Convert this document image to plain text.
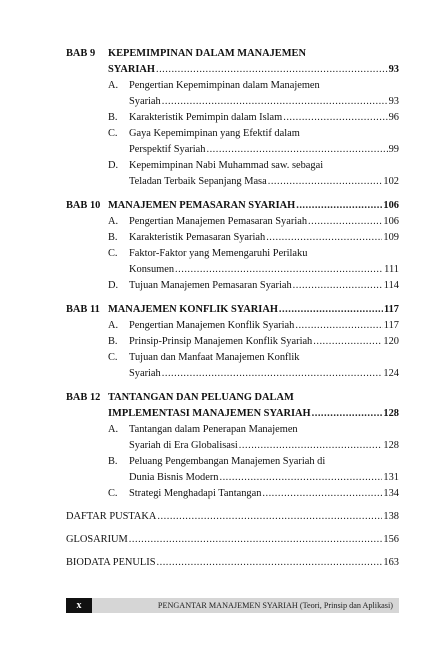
BAB 9	KEPEMIMPINAN DALAM MANAJEMEN
SYARIAH .....	93
A.	Pengertian Kepemimpinan dalam Manajemen
Syariah .....	93
B.	Karakteristik Pemimpin dalam Islam .....	96
C.	Gaya Kepemimpinan yang Efektif dalam
Perspektif Syariah .....	99
D.	Kepemimpinan Nabi Muhammad saw. sebagai
Teladan Terbaik Sepanjang Masa .....	102
BAB 10 MANAJEMEN PEMASARAN SYARIAH .....	106
A.	Pengertian Manajemen Pemasaran Syariah .....	106
B.	Karakteristik Pemasaran Syariah .....	109
C.	Faktor-Faktor yang Memengaruhi Perilaku
Konsumen .....	111
D.	Tujuan Manajemen Pemasaran Syariah .....	114
BAB 11 MANAJEMEN KONFLIK SYARIAH .....	117
A.	Pengertian Manajemen Konflik Syariah .....	117
B.	Prinsip-Prinsip Manajemen Konflik Syariah .....	120
C.	Tujuan dan Manfaat Manajemen Konflik
Syariah .....	124
BAB 12 TANTANGAN DAN PELUANG DALAM
IMPLEMENTASI MANAJEMEN SYARIAH .....	128
A.	Tantangan dalam Penerapan Manajemen
Syariah di Era Globalisasi .....	128
B.	Peluang Pengembangan Manajemen Syariah di
Dunia Bisnis Modern .....	131
C.	Strategi Menghadapi Tantangan .....	134
DAFTAR PUSTAKA .....	138
GLOSARIUM .....	156
BIODATA PENULIS .....	163
x	PENGANTAR MANAJEMEN SYARIAH (Teori, Prinsip dan Aplikasi)
